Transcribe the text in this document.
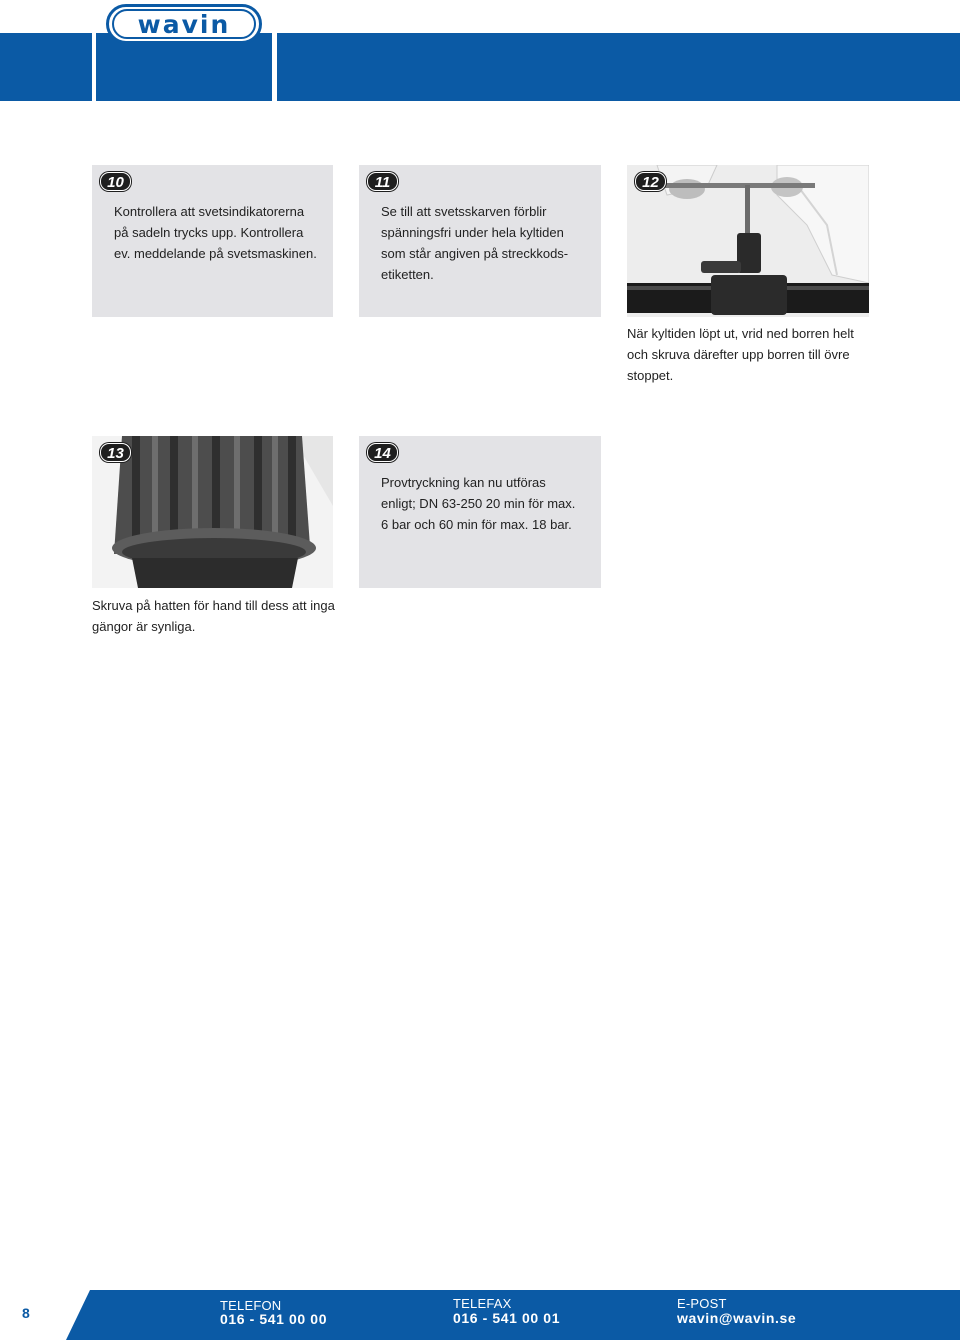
wavin
10
Kontrollera att svetsindikatorerna
på sadeln trycks upp. Kontrollera
ev. meddelande på svetsmaskinen.
11
Se till att svetsskarven förblir
spänningsfri under hela kyltiden
som står angiven på streckkods-
etiketten.
12
När kyltiden löpt ut, vrid ned borren helt
och skruva därefter upp borren till övre
stoppet.
13
Skruva på hatten för hand till dess att inga
gängor är synliga.
14
Provtryckning kan nu utföras
enligt; DN 63-250 20 min för max.
6 bar och 60 min för max. 18 bar.
8	TELEFON
016 - 541 00 00
TELEFAX
016 - 541 00 01
E-POST
wavin@wavin.se
